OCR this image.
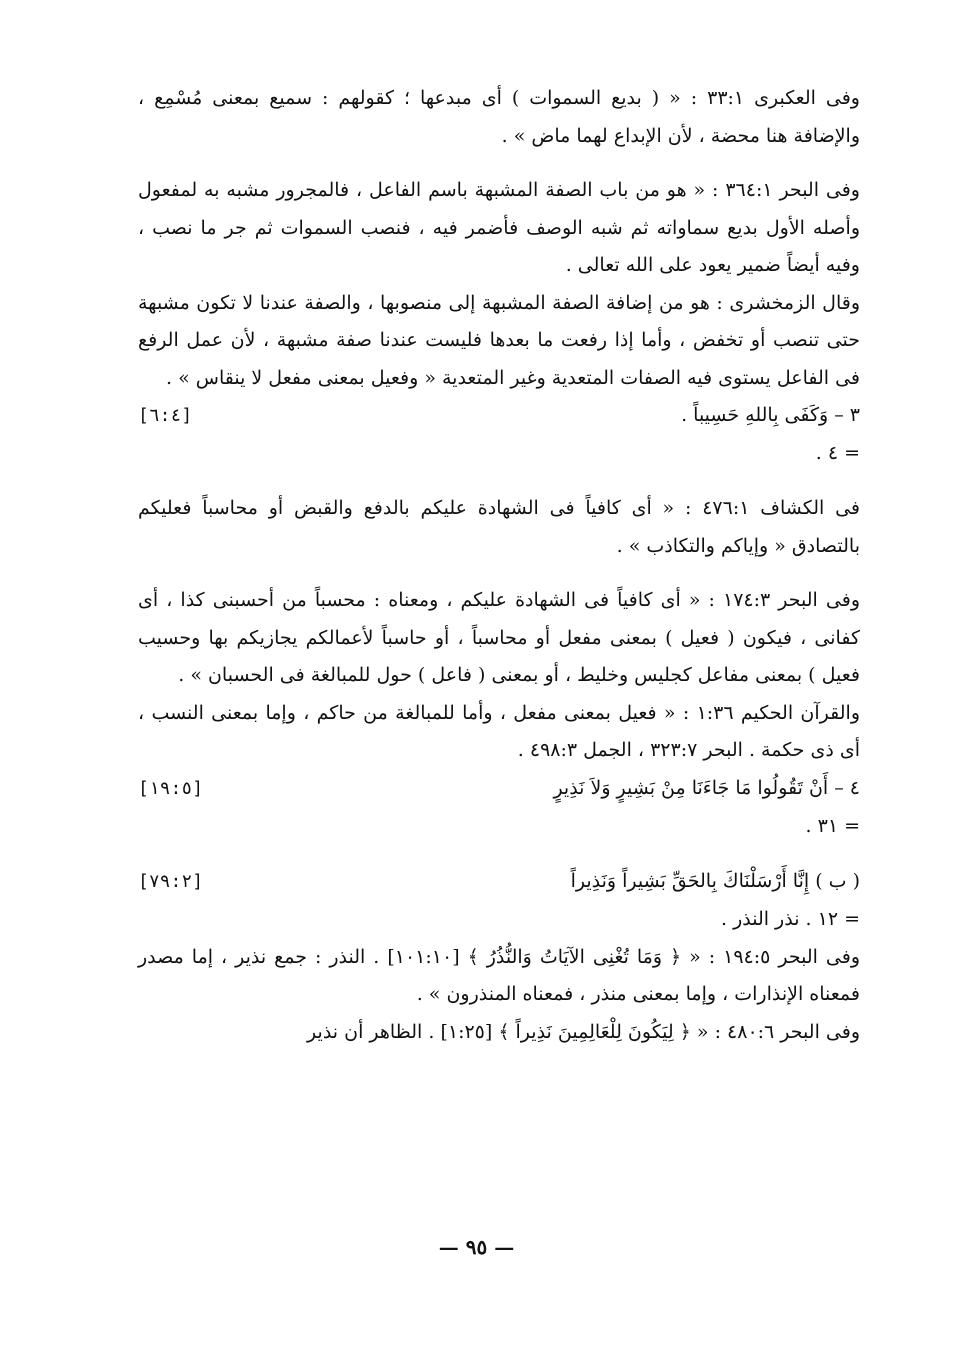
وفى العكبرى ٣٣:١ : « ( بديع السموات ) أى مبدعها ؛ كقولهم : سميع بمعنى مُسْمِع ، والإضافة هنا محضة ، لأن الإبداع لهما ماض » .

وفى البحر ٣٦٤:١ : « هو من باب الصفة المشبهة باسم الفاعل ، فالمجرور مشبه به لمفعول وأصله الأول بديع سماواته ثم شبه الوصف فأضمر فيه ، فنصب السموات ثم جر ما نصب ، وفيه أيضاً ضمير يعود على الله تعالى .

وقال الزمخشرى : هو من إضافة الصفة المشبهة إلى منصوبها ، والصفة عندنا لا تكون مشبهة حتى تنصب أو تخفض ، وأما إذا رفعت ما بعدها فليست عندنا صفة مشبهة ، لأن عمل الرفع فى الفاعل يستوى فيه الصفات المتعدية وغير المتعدية « وفعيل بمعنى مفعل لا ينقاس » .

٣ – وَكَفَى بِاللهِ حَسِيباً .
[٦:٤]
= ٤ .

فى الكشاف ٤٧٦:١ : « أى كافياً فى الشهادة عليكم بالدفع والقبض أو محاسباً فعليكم بالتصادق « وإياكم والتكاذب » .

وفى البحر ١٧٤:٣ : « أى كافياً فى الشهادة عليكم ، ومعناه : محسباً من أحسبنى كذا ، أى كفانى ، فيكون ( فعيل ) بمعنى مفعل أو محاسباً ، أو حاسباً لأعمالكم يجازيكم بها وحسيب فعيل ) بمعنى مفاعل كجليس وخليط ، أو بمعنى ( فاعل ) حول للمبالغة فى الحسبان » .

والقرآن الحكيم ١:٣٦ : « فعيل بمعنى مفعل ، وأما للمبالغة من حاكم ، وإما بمعنى النسب ، أى ذى حكمة . البحر ٣٢٣:٧ ، الجمل ٤٩٨:٣ .

٤ – أَنْ تَقُولُوا مَا جَاءَنَا مِنْ بَشِيرٍ وَلاَ نَذِيرٍ
[١٩:٥]
= ٣١ .
( ب ) إِنَّا أَرْسَلْنَاكَ بِالحَقِّ بَشِيراً وَنَذِيراً
[٧٩:٢]
= ١٢ . نذر النذر .

وفى البحر ١٩٤:٥ : « ﴿ وَمَا تُغْنِى الآيَاتُ وَالنُّذُرُ ﴾ [١٠١:١٠] . النذر : جمع نذير ، إما مصدر فمعناه الإنذارات ، وإما بمعنى منذر ، فمعناه المنذرون » .

وفى البحر ٤٨٠:٦ : « ﴿ لِيَكُونَ لِلْعَالِمِينَ نَذِيراً ﴾ [١:٢٥] . الظاهر أن نذير

— ٩٥ —
